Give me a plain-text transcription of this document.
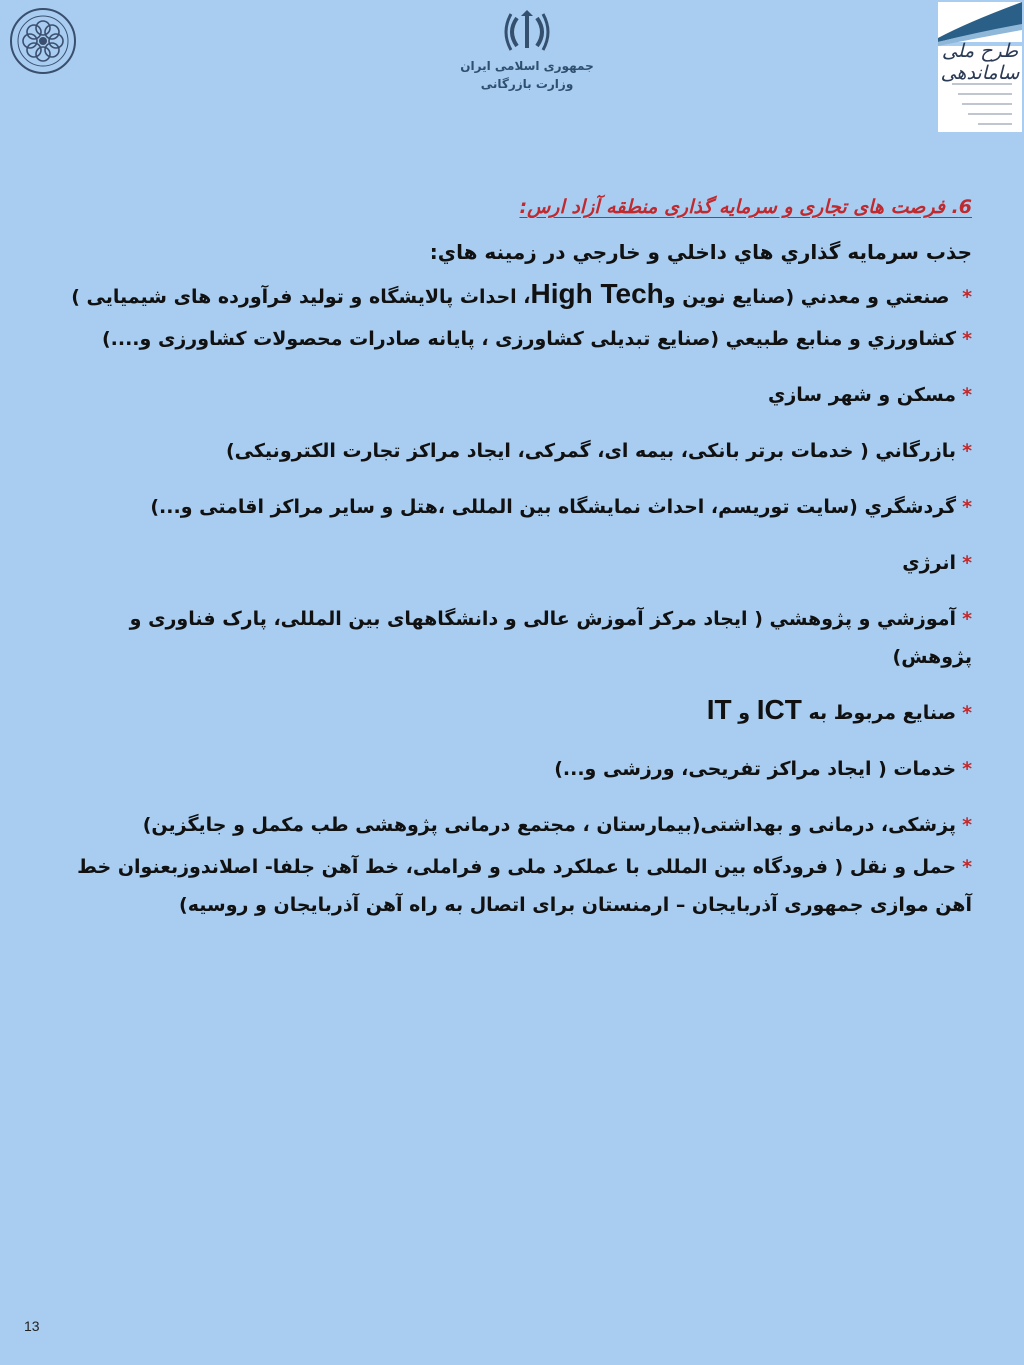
جمهوری اسلامی ایران
وزارت بازرگانی
طرح ملی ساماندهی
6. فرصت های تجاری و سرمایه گذاری منطقه آزاد ارس:
جذب سرمايه گذاري هاي داخلي و خارجي در زمينه هاي:
* صنعتي و معدني (صنايع نوين وHigh Tech، احداث پالايشگاه و توليد فرآورده های شيميايی )
*كشاورزي و منابع طبيعي (صنايع تبديلی كشاورزی ، پايانه صادرات محصولات كشاورزی و....)
*مسكن و شهر سازي
*بازرگاني ( خدمات برتر بانكی، بيمه ای، گمركی، ايجاد مراكز تجارت الكترونيكی)
*گردشگري (سايت توريسم، احداث نمايشگاه بين المللی ،هتل و ساير مراكز اقامتی و...)
*انرژي
*آموزشي و پژوهشي ( ايجاد مركز آموزش عالی و دانشگاههای بين المللی، پارک فناوری و پژوهش)
*صنايع مربوط به ICT و IT
*خدمات ( ايجاد مراكز تفريحی، ورزشی و...)
*پزشكی، درمانی و بهداشتی(بيمارستان ، مجتمع درمانی پژوهشی طب مكمل و جايگزين)
*حمل و نقل ( فرودگاه بين المللی با عملكرد ملی و فراملی، خط آهن جلفا- اصلاندوزبعنوان خط آهن موازی جمهوری آذربايجان – ارمنستان برای اتصال به راه آهن آذربايجان و روسيه)
13
